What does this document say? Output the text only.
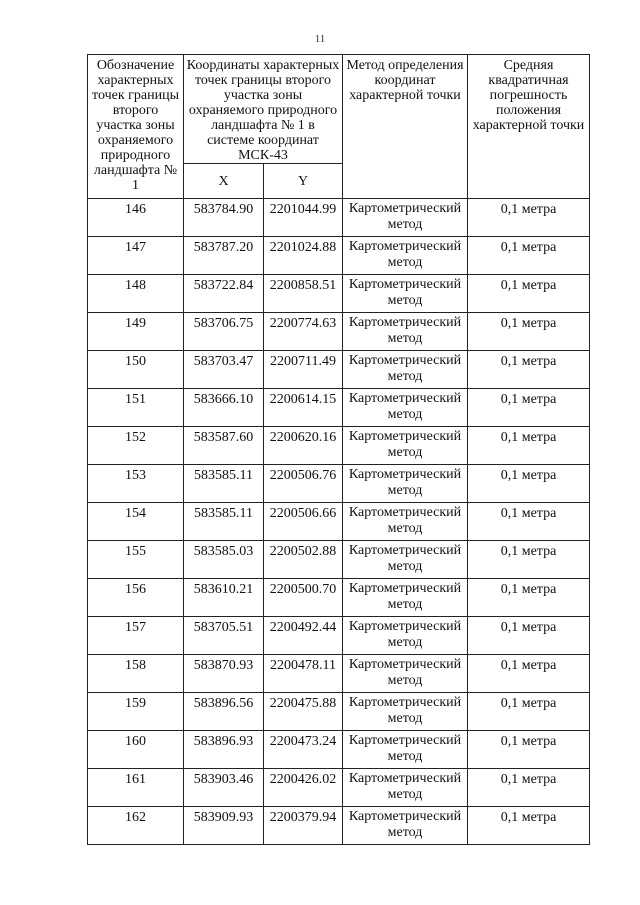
11
Обозначение характерных точек границы второго участка зоны охраняемого природного ландшафта № 1	Координаты характерных точек границы второго участка зоны охраняемого природного ландшафта № 1 в системе координат МСК-43		Метод определения координат характерной точки	Средняя квадратичная погрешность положения характерной точки
	X	Y		
146	583784.90	2201044.99	Картометрический метод	0,1 метра
147	583787.20	2201024.88	Картометрический метод	0,1 метра
148	583722.84	2200858.51	Картометрический метод	0,1 метра
149	583706.75	2200774.63	Картометрический метод	0,1 метра
150	583703.47	2200711.49	Картометрический метод	0,1 метра
151	583666.10	2200614.15	Картометрический метод	0,1 метра
152	583587.60	2200620.16	Картометрический метод	0,1 метра
153	583585.11	2200506.76	Картометрический метод	0,1 метра
154	583585.11	2200506.66	Картометрический метод	0,1 метра
155	583585.03	2200502.88	Картометрический метод	0,1 метра
156	583610.21	2200500.70	Картометрический метод	0,1 метра
157	583705.51	2200492.44	Картометрический метод	0,1 метра
158	583870.93	2200478.11	Картометрический метод	0,1 метра
159	583896.56	2200475.88	Картометрический метод	0,1 метра
160	583896.93	2200473.24	Картометрический метод	0,1 метра
161	583903.46	2200426.02	Картометрический метод	0,1 метра
162	583909.93	2200379.94	Картометрический метод	0,1 метра
